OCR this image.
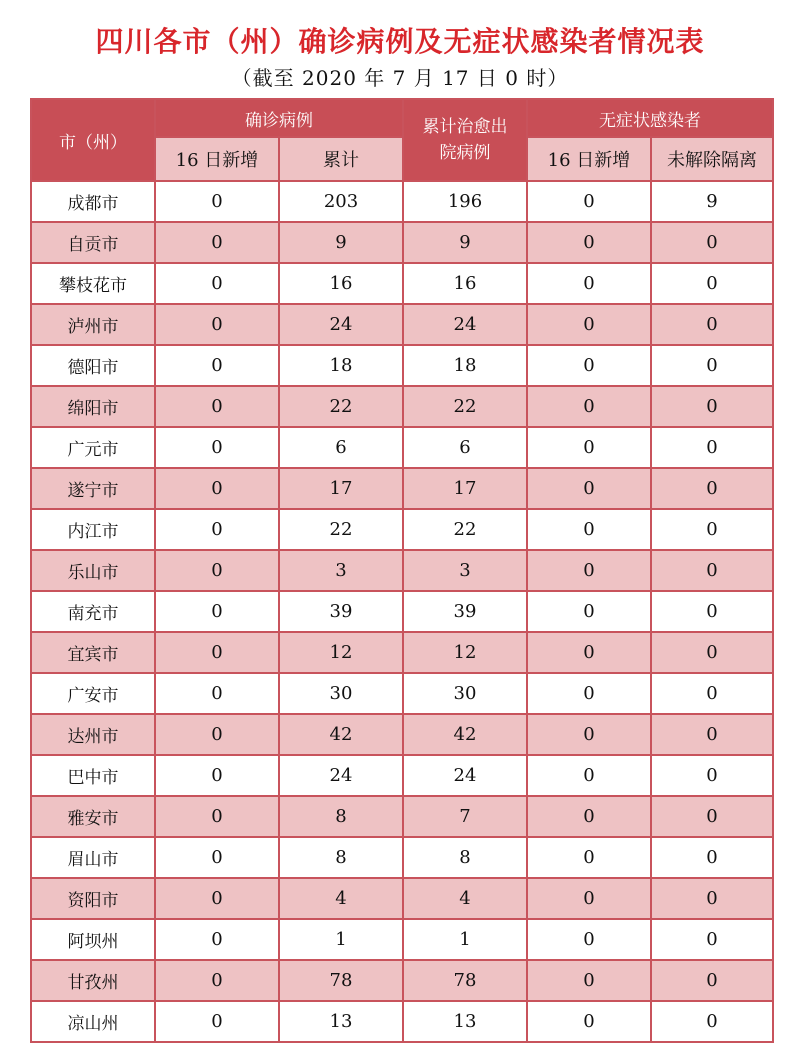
四川各市（州）确诊病例及无症状感染者情况表
（截至 2020 年 7 月 17 日 0 时）
市（州）	确诊病例		累计治愈出院病例	无症状感染者	
	16 日新增	累计		16 日新增	未解除隔离
成都市	0	203	196	0	9
自贡市	0	9	9	0	0
攀枝花市	0	16	16	0	0
泸州市	0	24	24	0	0
德阳市	0	18	18	0	0
绵阳市	0	22	22	0	0
广元市	0	6	6	0	0
遂宁市	0	17	17	0	0
内江市	0	22	22	0	0
乐山市	0	3	3	0	0
南充市	0	39	39	0	0
宜宾市	0	12	12	0	0
广安市	0	30	30	0	0
达州市	0	42	42	0	0
巴中市	0	24	24	0	0
雅安市	0	8	7	0	0
眉山市	0	8	8	0	0
资阳市	0	4	4	0	0
阿坝州	0	1	1	0	0
甘孜州	0	78	78	0	0
凉山州	0	13	13	0	0
